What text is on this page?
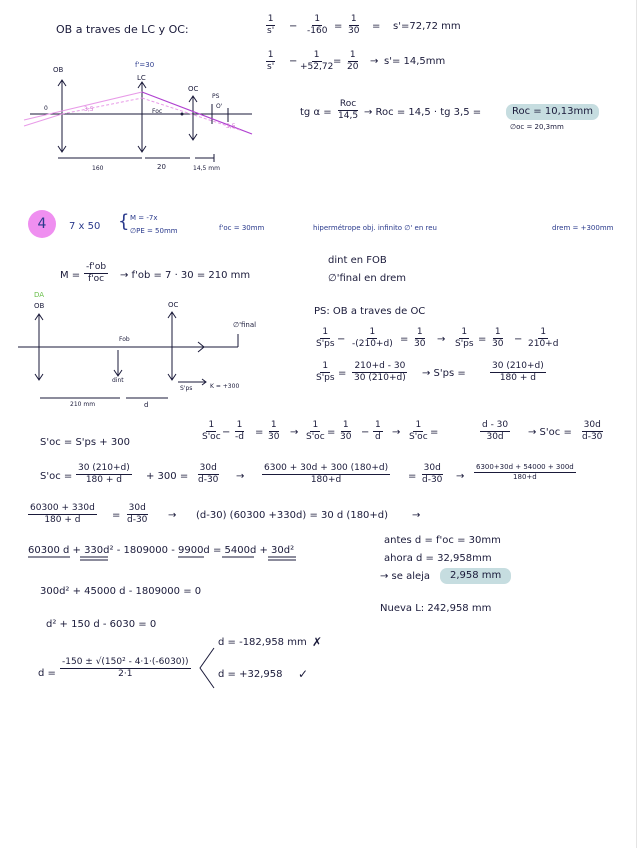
OB a traves de LC y OC:	$\frac{1}{s'} - \frac{1}{-160} = \frac{1}{30} = s'=72,72$ mm
$\frac{1}{s'} - \frac{1}{+52,72}$
= $\frac{1}{20} \to s'= 14,5mm$
tg α =
Roc
14,5 → Roc = 14,5 · tg 3,5 =	Roc = 10,13mm
∅oc = 20,3mm
OB
f'=30
LC
OC
PS
O'
0	Foc
3,5
3,5
160	20	14,5 mm
4	7 x 50 { M = -7x
∅PE = 50mm	f'oc = 30mm	hipermétrope obj. infinito ∅' en reu	drem = +300mm
$M = \frac{-f'ob}{f'oc} \to f'ob = 7 \cdot 30 = 210$ mm
dint en FOB
∅'final en drem
DA
OB	OC
∅'final
Fob
dint
S'ps	K = +300
210 mm	d
PS: OB a traves de OC
$\frac{1}{S'ps} - \frac{1}{-(210+d)} = \frac{1}{30} \to \frac{1}{S'ps} = \frac{1}{30} - \frac{1}{210+d}$
$\frac{1}{S'ps} = \frac{210+d - 30}{30 (210+d)} \to S'ps$ =	$\frac{30 (210+d)}{180 + d}$
S'oc = S'ps + 300
$\frac{1}{S'oc} - \frac{1}{-d} = \frac{1}{30} \to \frac{1}{S'oc} = \frac{1}{30} - \frac{1}{d} \to \frac{1}{S'oc}$ =	$\frac{d - 30}{30d} \to S'oc = \frac{30d}{d-30}$
$S'oc = \frac{30 (210+d)}{180 + d} + 300 = \frac{30d}{d-30} \to \frac{6300 + 30d + 300 (180+d)}{180+d} = \frac{30d}{d-30} \to \frac{6300+30d + 54000 + 300d}{180+d}$
$\frac{60300 + 330d}{180 + d} = \frac{30d}{d-30} \to (d-30)$ (60300 +330d) = 30 d (180+d) →
60300 d + 330d² - 1809000 - 9900d = 5400d + 30d²
300d² + 45000 d - 1809000 = 0
d² + 150 d - 6030 = 0
$d = \frac{\text{-150 ± √(150² - 4·1·(-6030))}}{2\cdot 1}$
d = -182,958 mm ✗
d = +32,958 ✓
antes d = f'oc = 30mm
ahora d = 32,958mm
→ se aleja	2,958 mm
Nueva L: 242,958 mm
